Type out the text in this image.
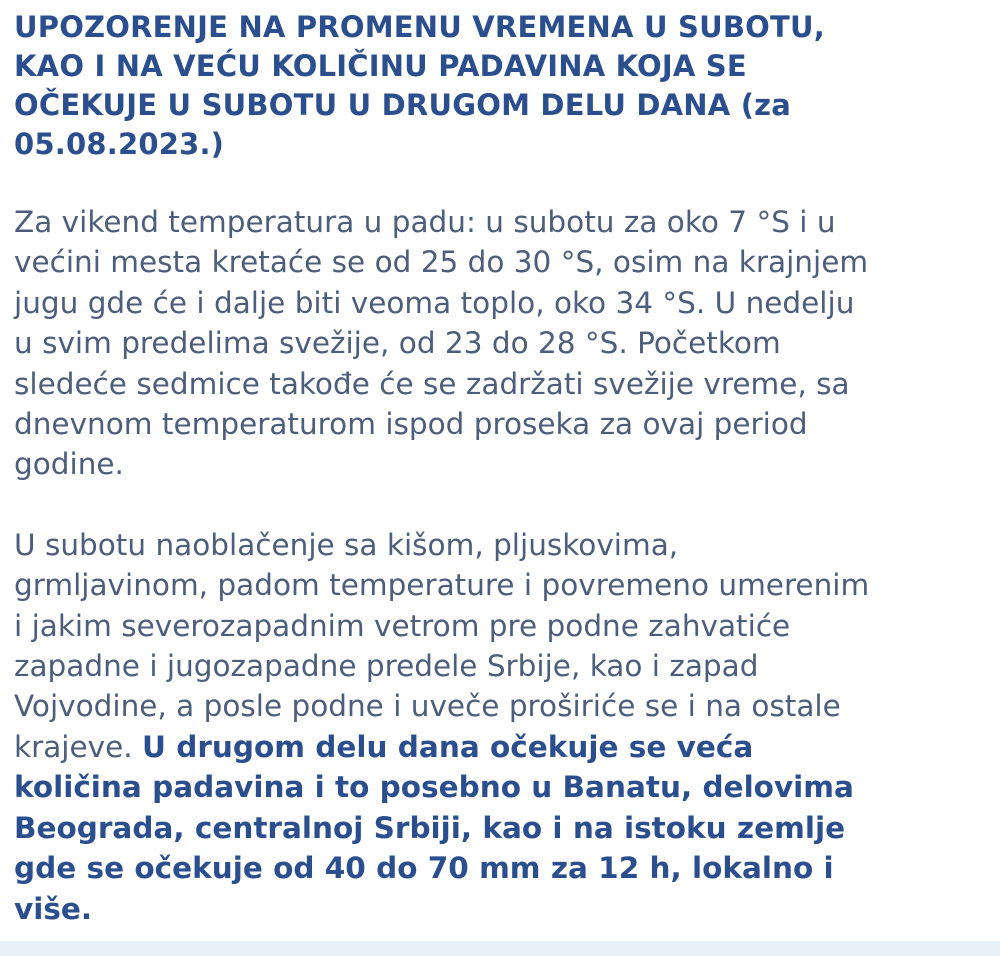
UPOZORENJE NA PROMENU VREMENA U SUBOTU,
KAO I NA VEĆU KOLIČINU PADAVINA KOJA SE
OČEKUJE U SUBOTU U DRUGOM DELU DANA (za
05.08.2023.)

Za vikend temperatura u padu: u subotu za oko 7 °S i u
većini mesta kretaće se od 25 do 30 °S, osim na krajnjem
jugu gde će i dalje biti veoma toplo, oko 34 °S. U nedelju
u svim predelima svežije, od 23 do 28 °S. Početkom
sledeće sedmice takođe će se zadržati svežije vreme, sa
dnevnom temperaturom ispod proseka za ovaj period
godine.

U subotu naoblačenje sa kišom, pljuskovima,
grmljavinom, padom temperature i povremeno umerenim
i jakim severozapadnim vetrom pre podne zahvatiće
zapadne i jugozapadne predele Srbije, kao i zapad
Vojvodine, a posle podne i uveče proširiće se i na ostale
krajeve. U drugom delu dana očekuje se veća
količina padavina i to posebno u Banatu, delovima
Beograda, centralnoj Srbiji, kao i na istoku zemlje
gde se očekuje od 40 do 70 mm za 12 h, lokalno i
više.
